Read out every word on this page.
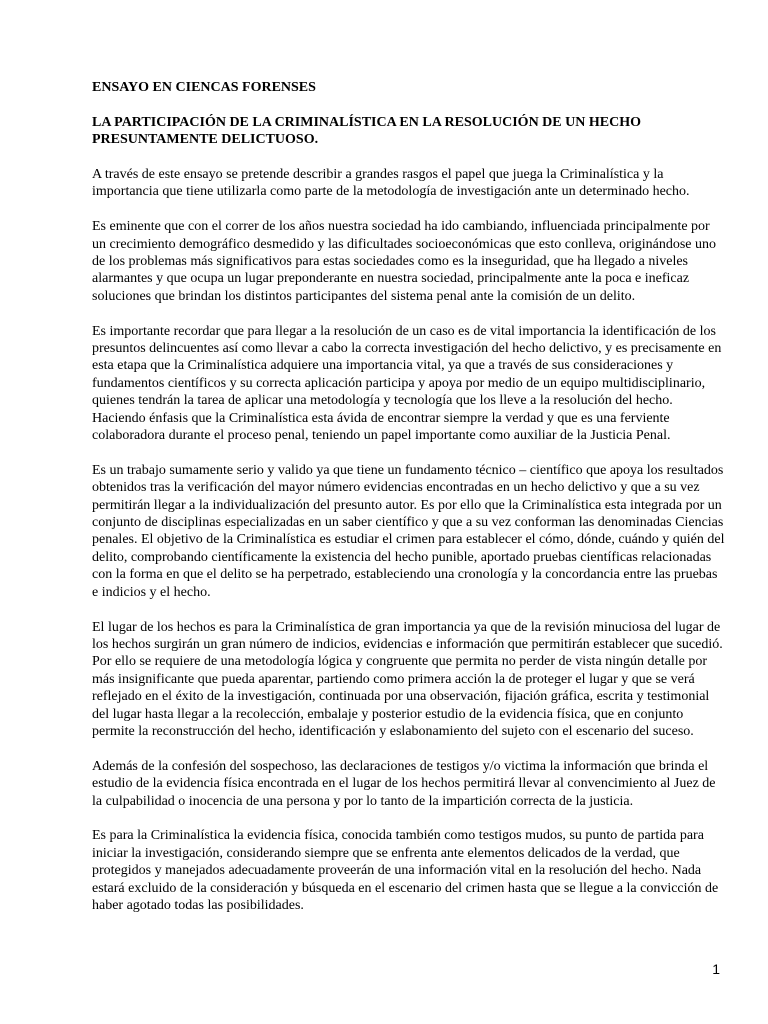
ENSAYO EN CIENCAS FORENSES

LA PARTICIPACIÓN DE LA CRIMINALÍSTICA EN LA RESOLUCIÓN DE UN HECHO PRESUNTAMENTE DELICTUOSO.

A través de este ensayo se pretende describir a grandes rasgos el papel que juega la Criminalística y la importancia que tiene utilizarla como parte de la metodología de investigación ante un determinado hecho.

Es eminente que con el correr de los años nuestra sociedad ha ido cambiando, influenciada principalmente por un crecimiento demográfico desmedido y las dificultades socioeconómicas que esto conlleva, originándose uno de los problemas más significativos para estas sociedades como es la inseguridad, que ha llegado a niveles alarmantes y que ocupa un lugar preponderante en nuestra sociedad, principalmente ante la poca e ineficaz soluciones que brindan los distintos participantes del sistema penal ante la comisión de un delito.

Es importante recordar que para llegar a la resolución de un caso es de vital importancia la identificación de los presuntos delincuentes así como llevar a cabo la correcta investigación del hecho delictivo, y es precisamente en esta etapa que la Criminalística adquiere una importancia vital, ya que a través de sus consideraciones y fundamentos científicos y su correcta aplicación participa y apoya por medio de un equipo multidisciplinario, quienes tendrán la tarea de aplicar una metodología y tecnología que los lleve a la resolución del hecho. Haciendo énfasis que la Criminalística esta ávida de encontrar siempre la verdad y que es una ferviente colaboradora durante el proceso penal, teniendo un papel importante como auxiliar de la Justicia Penal.

Es un trabajo sumamente serio y valido ya que tiene un fundamento técnico – científico que apoya los resultados obtenidos tras la verificación del mayor número evidencias encontradas en un hecho delictivo y que a su vez permitirán llegar a la individualización del presunto autor. Es por ello que la Criminalística esta integrada por un conjunto de disciplinas especializadas en un saber científico y que a su vez conforman las denominadas Ciencias penales. El objetivo de la Criminalística es estudiar el crimen para establecer el cómo, dónde, cuándo y quién del delito, comprobando científicamente la existencia del hecho punible, aportado pruebas científicas relacionadas con la forma en que el delito se ha perpetrado, estableciendo una cronología y la concordancia entre las pruebas e indicios y el hecho.

El lugar de los hechos es para la Criminalística de gran importancia ya que de la revisión minuciosa del lugar de los hechos surgirán un gran número de indicios, evidencias e información que permitirán establecer que sucedió. Por ello se requiere de una metodología lógica y congruente que permita no perder de vista ningún detalle por más insignificante que pueda aparentar, partiendo como primera acción la de proteger el lugar y que se verá reflejado en el éxito de la investigación, continuada por una observación, fijación gráfica, escrita y testimonial del lugar hasta llegar a la recolección, embalaje y posterior estudio de la evidencia física, que en conjunto permite la reconstrucción del hecho, identificación y eslabonamiento del sujeto con el escenario del suceso.

Además de la confesión del sospechoso, las declaraciones de testigos y/o victima la información que brinda el estudio de la evidencia física encontrada en el lugar de los hechos permitirá llevar al convencimiento al Juez de la culpabilidad o inocencia de una persona y por lo tanto de la impartición correcta de la justicia.

Es para la Criminalística la evidencia física, conocida también como testigos mudos, su punto de partida para iniciar la investigación, considerando siempre que se enfrenta ante elementos delicados de la verdad, que protegidos y manejados adecuadamente proveerán de una información vital en la resolución del hecho. Nada estará excluido de la consideración y búsqueda en el escenario del crimen hasta que se llegue a la convicción de haber agotado todas las posibilidades.

1
